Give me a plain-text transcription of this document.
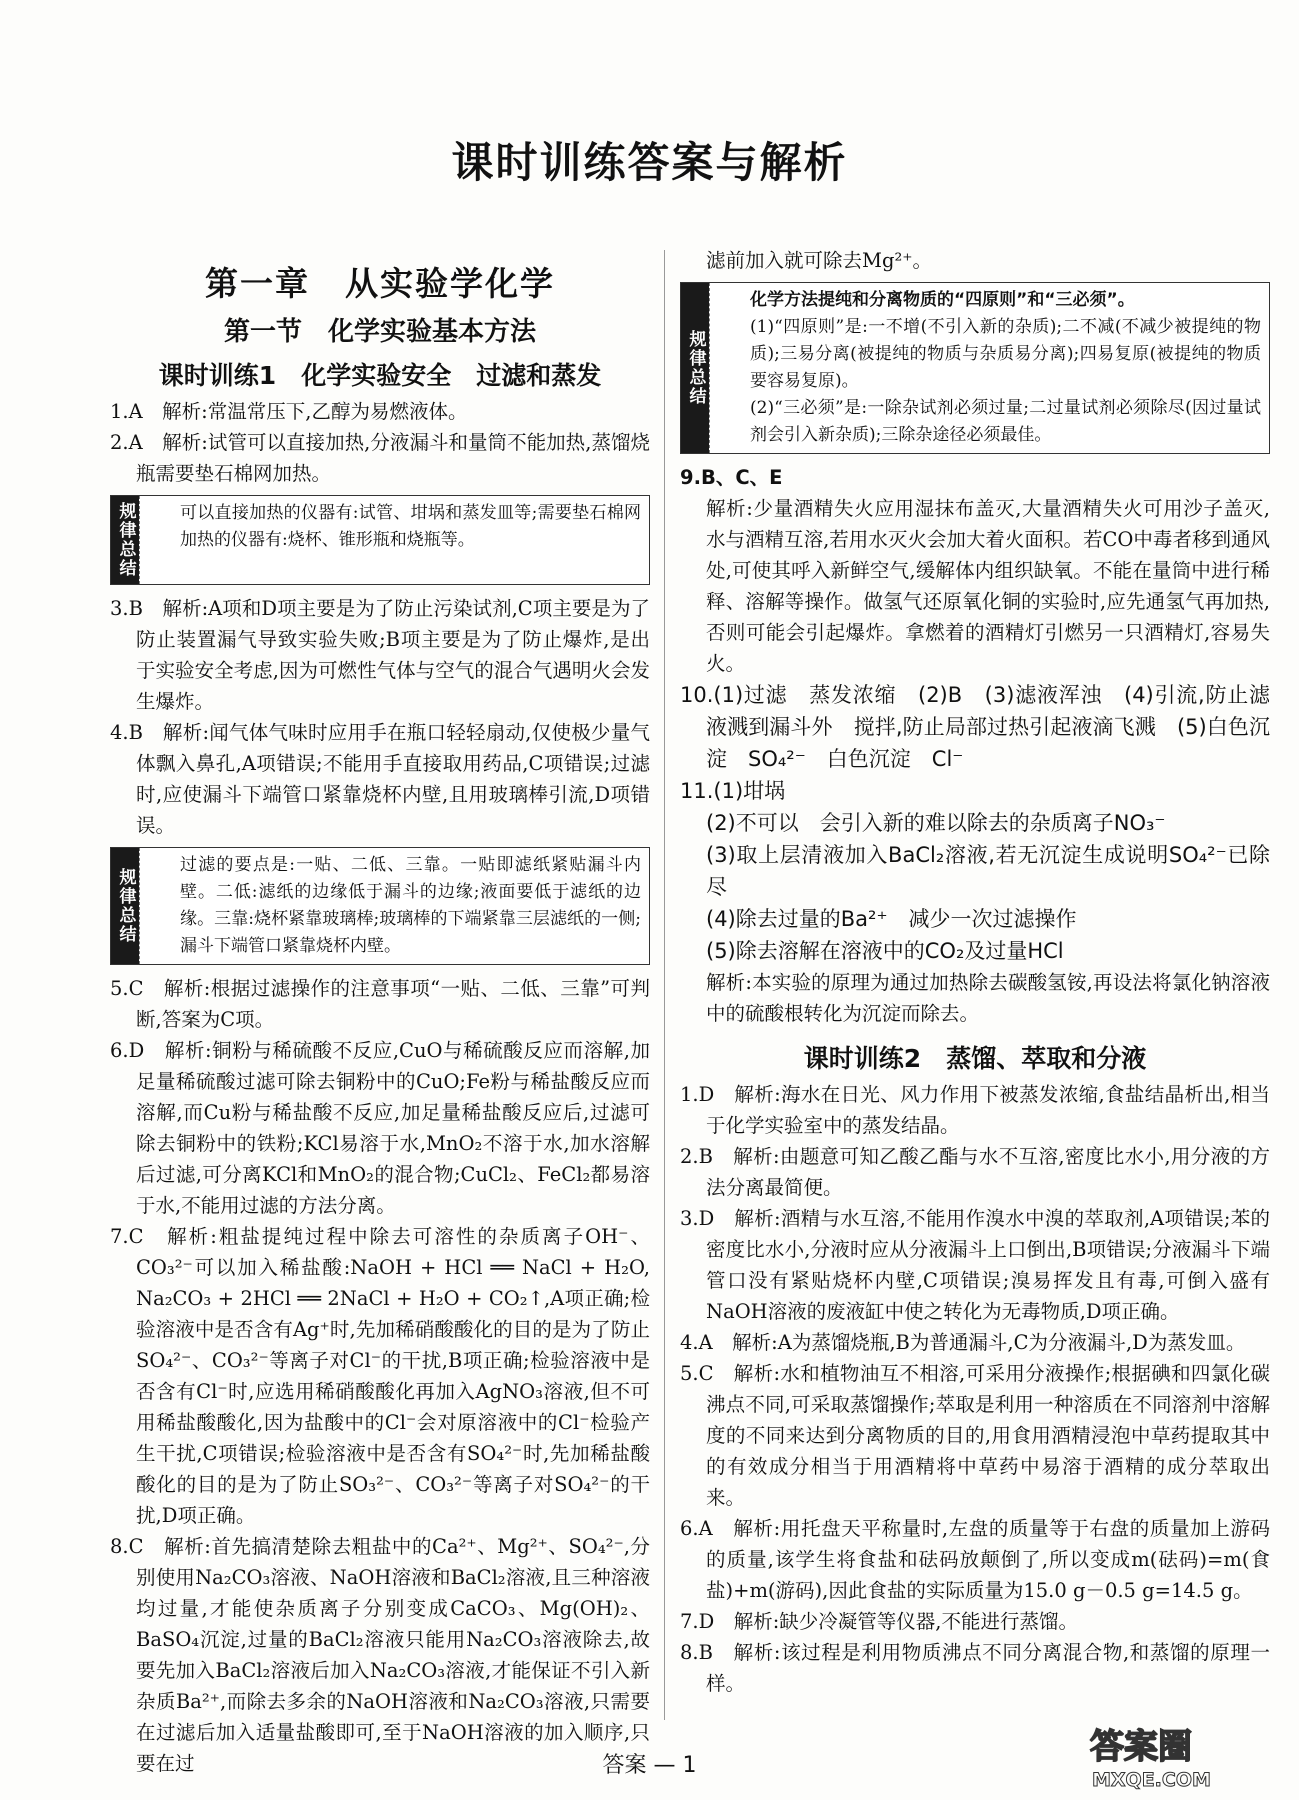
课时训练答案与解析
第一章　从实验学化学
第一节　化学实验基本方法
课时训练1　化学实验安全　过滤和蒸发

1.A　解析:常温常压下,乙醇为易燃液体。

2.A　解析:试管可以直接加热,分液漏斗和量筒不能加热,蒸馏烧瓶需要垫石棉网加热。

规律总结	可以直接加热的仪器有:试管、坩埚和蒸发皿等;需要垫石棉网加热的仪器有:烧杯、锥形瓶和烧瓶等。

3.B　解析:A项和D项主要是为了防止污染试剂,C项主要是为了防止装置漏气导致实验失败;B项主要是为了防止爆炸,是出于实验安全考虑,因为可燃性气体与空气的混合气遇明火会发生爆炸。

4.B　解析:闻气体气味时应用手在瓶口轻轻扇动,仅使极少量气体飘入鼻孔,A项错误;不能用手直接取用药品,C项错误;过滤时,应使漏斗下端管口紧靠烧杯内壁,且用玻璃棒引流,D项错误。

规律总结

过滤的要点是:一贴、二低、三靠。一贴即滤纸紧贴漏斗内壁。二低:滤纸的边缘低于漏斗的边缘;液面要低于滤纸的边缘。三靠:烧杯紧靠玻璃棒;玻璃棒的下端紧靠三层滤纸的一侧;漏斗下端管口紧靠烧杯内壁。

5.C　解析:根据过滤操作的注意事项“一贴、二低、三靠”可判断,答案为C项。

6.D　解析:铜粉与稀硫酸不反应,CuO与稀硫酸反应而溶解,加足量稀硫酸过滤可除去铜粉中的CuO;Fe粉与稀盐酸反应而溶解,而Cu粉与稀盐酸不反应,加足量稀盐酸反应后,过滤可除去铜粉中的铁粉;KCl易溶于水,MnO₂不溶于水,加水溶解后过滤,可分离KCl和MnO₂的混合物;CuCl₂、FeCl₂都易溶于水,不能用过滤的方法分离。

7.C　解析:粗盐提纯过程中除去可溶性的杂质离子OH⁻、CO₃²⁻可以加入稀盐酸:NaOH + HCl ══ NaCl + H₂O, Na₂CO₃ + 2HCl ══ 2NaCl + H₂O + CO₂↑,A项正确;检验溶液中是否含有Ag⁺时,先加稀硝酸酸化的目的是为了防止SO₄²⁻、CO₃²⁻等离子对Cl⁻的干扰,B项正确;检验溶液中是否含有Cl⁻时,应选用稀硝酸酸化再加入AgNO₃溶液,但不可用稀盐酸酸化,因为盐酸中的Cl⁻会对原溶液中的Cl⁻检验产生干扰,C项错误;检验溶液中是否含有SO₄²⁻时,先加稀盐酸酸化的目的是为了防止SO₃²⁻、CO₃²⁻等离子对SO₄²⁻的干扰,D项正确。

8.C　解析:首先搞清楚除去粗盐中的Ca²⁺、Mg²⁺、SO₄²⁻,分别使用Na₂CO₃溶液、NaOH溶液和BaCl₂溶液,且三种溶液均过量,才能使杂质离子分别变成CaCO₃、Mg(OH)₂、BaSO₄沉淀,过量的BaCl₂溶液只能用Na₂CO₃溶液除去,故要先加入BaCl₂溶液后加入Na₂CO₃溶液,才能保证不引入新杂质Ba²⁺,而除去多余的NaOH溶液和Na₂CO₃溶液,只需要在过滤后加入适量盐酸即可,至于NaOH溶液的加入顺序,只要在过

滤前加入就可除去Mg²⁺。

规律总结

化学方法提纯和分离物质的“四原则”和“三必须”。

(1)“四原则”是:一不增(不引入新的杂质);二不减(不减少被提纯的物质);三易分离(被提纯的物质与杂质易分离);四易复原(被提纯的物质要容易复原)。

(2)“三必须”是:一除杂试剂必须过量;二过量试剂必须除尽(因过量试剂会引入新杂质);三除杂途径必须最佳。

9.B、C、E

解析:少量酒精失火应用湿抹布盖灭,大量酒精失火可用沙子盖灭,水与酒精互溶,若用水灭火会加大着火面积。若CO中毒者移到通风处,可使其呼入新鲜空气,缓解体内组织缺氧。不能在量筒中进行稀释、溶解等操作。做氢气还原氧化铜的实验时,应先通氢气再加热,否则可能会引起爆炸。拿燃着的酒精灯引燃另一只酒精灯,容易失火。

10.(1)过滤　蒸发浓缩　(2)B　(3)滤液浑浊　(4)引流,防止滤液溅到漏斗外　搅拌,防止局部过热引起液滴飞溅　(5)白色沉淀　SO₄²⁻　白色沉淀　Cl⁻

11.(1)坩埚

(2)不可以　会引入新的难以除去的杂质离子NO₃⁻

(3)取上层清液加入BaCl₂溶液,若无沉淀生成说明SO₄²⁻已除尽

(4)除去过量的Ba²⁺　减少一次过滤操作

(5)除去溶解在溶液中的CO₂及过量HCl

解析:本实验的原理为通过加热除去碳酸氢铵,再设法将氯化钠溶液中的硫酸根转化为沉淀而除去。

课时训练2　蒸馏、萃取和分液

1.D　解析:海水在日光、风力作用下被蒸发浓缩,食盐结晶析出,相当于化学实验室中的蒸发结晶。

2.B　解析:由题意可知乙酸乙酯与水不互溶,密度比水小,用分液的方法分离最简便。

3.D　解析:酒精与水互溶,不能用作溴水中溴的萃取剂,A项错误;苯的密度比水小,分液时应从分液漏斗上口倒出,B项错误;分液漏斗下端管口没有紧贴烧杯内壁,C项错误;溴易挥发且有毒,可倒入盛有NaOH溶液的废液缸中使之转化为无毒物质,D项正确。

4.A　解析:A为蒸馏烧瓶,B为普通漏斗,C为分液漏斗,D为蒸发皿。

5.C　解析:水和植物油互不相溶,可采用分液操作;根据碘和四氯化碳沸点不同,可采取蒸馏操作;萃取是利用一种溶质在不同溶剂中溶解度的不同来达到分离物质的目的,用食用酒精浸泡中草药提取其中的有效成分相当于用酒精将中草药中易溶于酒精的成分萃取出来。

6.A　解析:用托盘天平称量时,左盘的质量等于右盘的质量加上游码的质量,该学生将食盐和砝码放颠倒了,所以变成m(砝码)=m(食盐)+m(游码),因此食盐的实际质量为15.0 g－0.5 g=14.5 g。

7.D　解析:缺少冷凝管等仪器,不能进行蒸馏。

8.B　解析:该过程是利用物质沸点不同分离混合物,和蒸馏的原理一样。

答案 — 1	答案圈
MXQE.COM
